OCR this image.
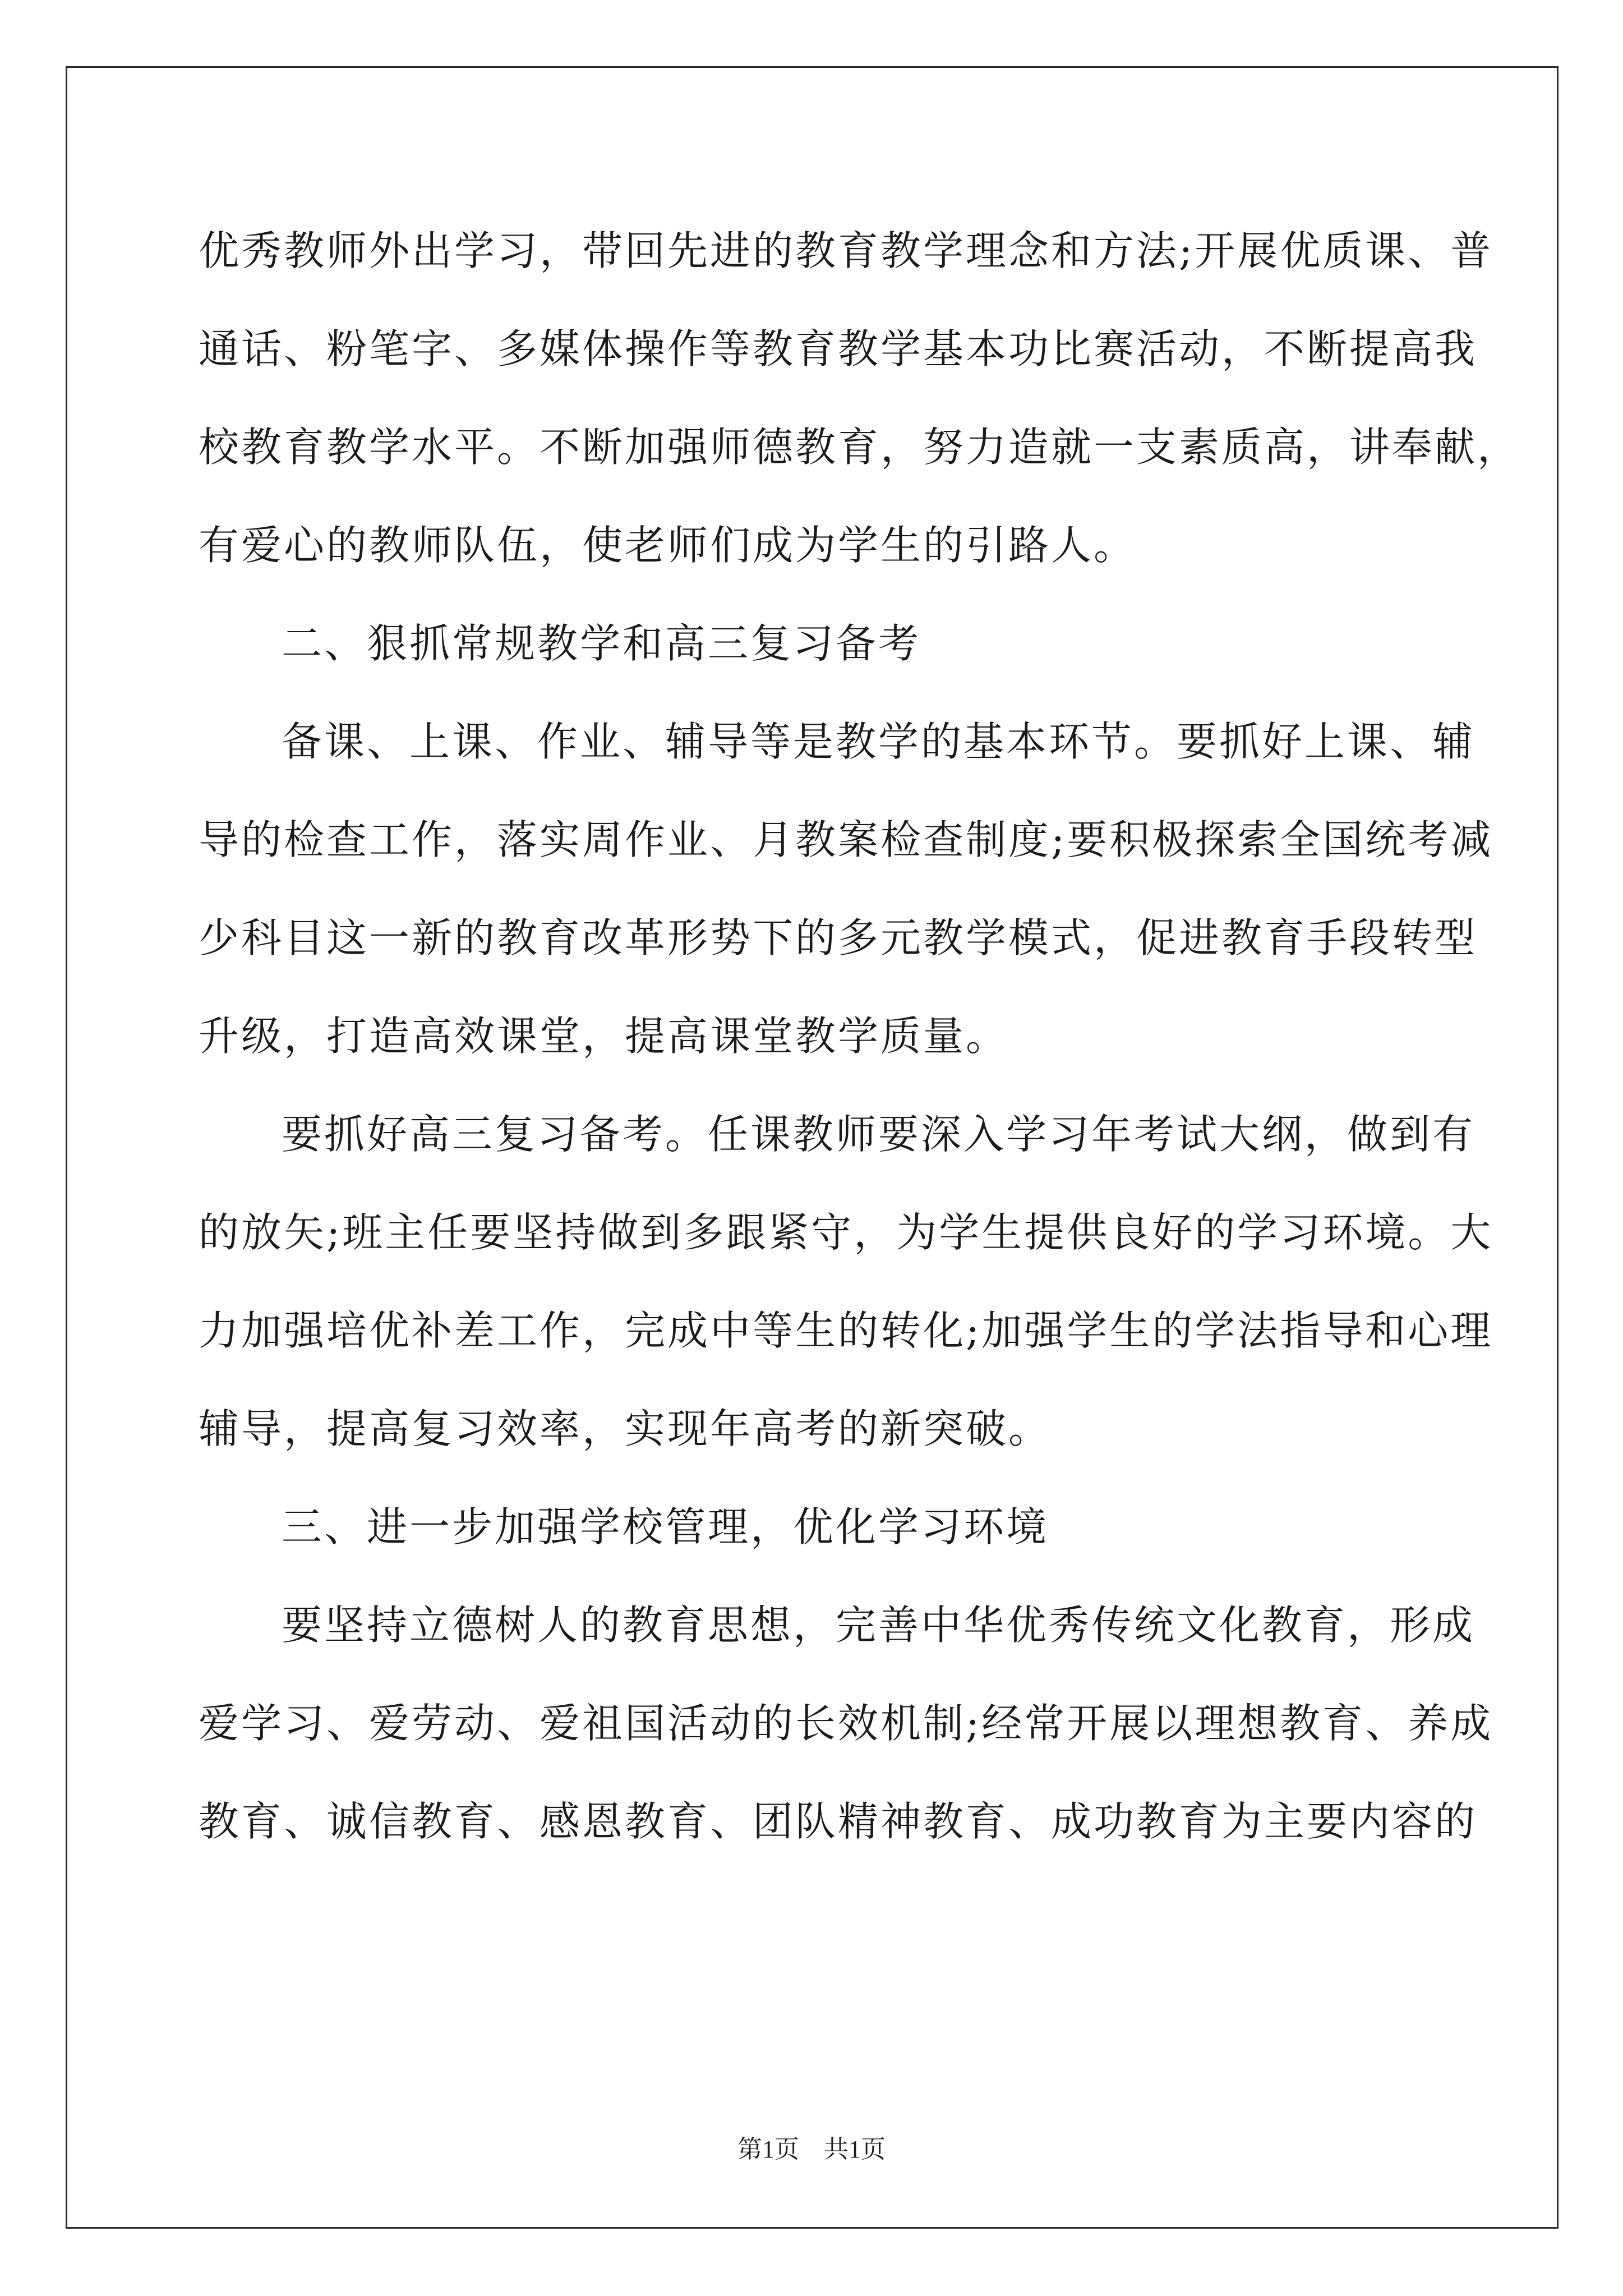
优秀教师外出学习，带回先进的教育教学理念和方法;开展优质课、普
通话、粉笔字、多媒体操作等教育教学基本功比赛活动，不断提高我
校教育教学水平。不断加强师德教育，努力造就一支素质高，讲奉献，
有爱心的教师队伍，使老师们成为学生的引路人。
二、狠抓常规教学和高三复习备考
备课、上课、作业、辅导等是教学的基本环节。要抓好上课、辅
导的检查工作，落实周作业、月教案检查制度;要积极探索全国统考减
少科目这一新的教育改革形势下的多元教学模式，促进教育手段转型
升级，打造高效课堂，提高课堂教学质量。
要抓好高三复习备考。任课教师要深入学习年考试大纲，做到有
的放矢;班主任要坚持做到多跟紧守，为学生提供良好的学习环境。大
力加强培优补差工作，完成中等生的转化;加强学生的学法指导和心理
辅导，提高复习效率，实现年高考的新突破。
三、进一步加强学校管理，优化学习环境
要坚持立德树人的教育思想，完善中华优秀传统文化教育，形成
爱学习、爱劳动、爱祖国活动的长效机制;经常开展以理想教育、养成
教育、诚信教育、感恩教育、团队精神教育、成功教育为主要内容的
第1页 共1页
